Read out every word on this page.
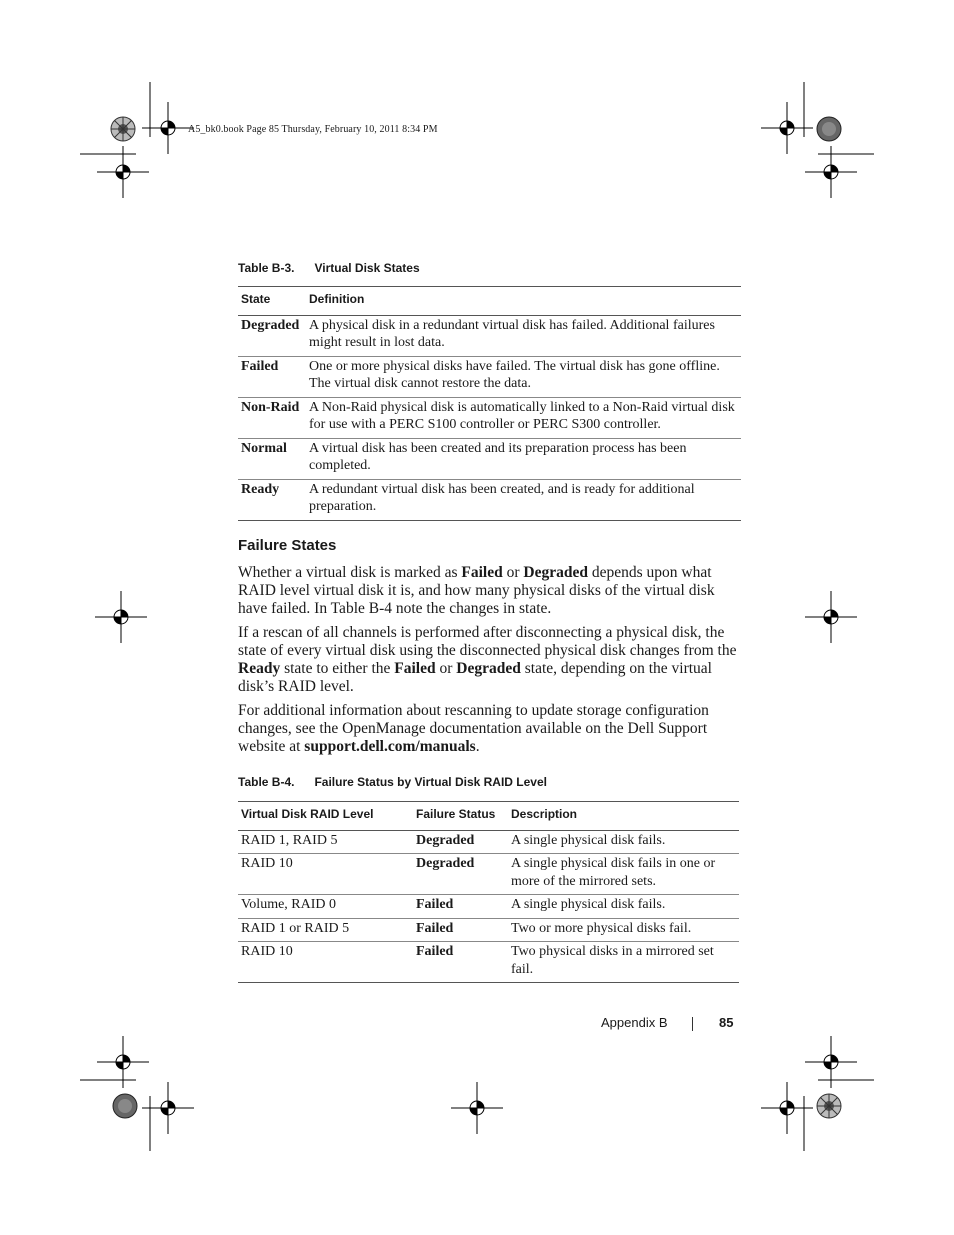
A5_bk0.book Page 85 Thursday, February 10, 2011 8:34 PM
Table B-3. Virtual Disk States
State	Definition
Degraded	A physical disk in a redundant virtual disk has failed. Additional failures might result in lost data.
Failed	One or more physical disks have failed. The virtual disk has gone offline. The virtual disk cannot restore the data.
Non-Raid	A Non-Raid physical disk is automatically linked to a Non-Raid virtual disk for use with a PERC S100 controller or PERC S300 controller.
Normal	A virtual disk has been created and its preparation process has been completed.
Ready	A redundant virtual disk has been created, and is ready for additional preparation.
Failure States

Whether a virtual disk is marked as Failed or Degraded depends upon what RAID level virtual disk it is, and how many physical disks of the virtual disk have failed. In Table B-4 note the changes in state.

If a rescan of all channels is performed after disconnecting a physical disk, the state of every virtual disk using the disconnected physical disk changes from the Ready state to either the Failed or Degraded state, depending on the virtual disk’s RAID level.

For additional information about rescanning to update storage configuration changes, see the OpenManage documentation available on the Dell Support website at support.dell.com/manuals.

Table B-4. Failure Status by Virtual Disk RAID Level
Virtual Disk RAID Level	Failure Status	Description
RAID 1, RAID 5	Degraded	A single physical disk fails.
RAID 10	Degraded	A single physical disk fails in one or more of the mirrored sets.
Volume, RAID 0	Failed	A single physical disk fails.
RAID 1 or RAID 5	Failed	Two or more physical disks fail.
RAID 10	Failed	Two physical disks in a mirrored set fail.
Appendix B	85
